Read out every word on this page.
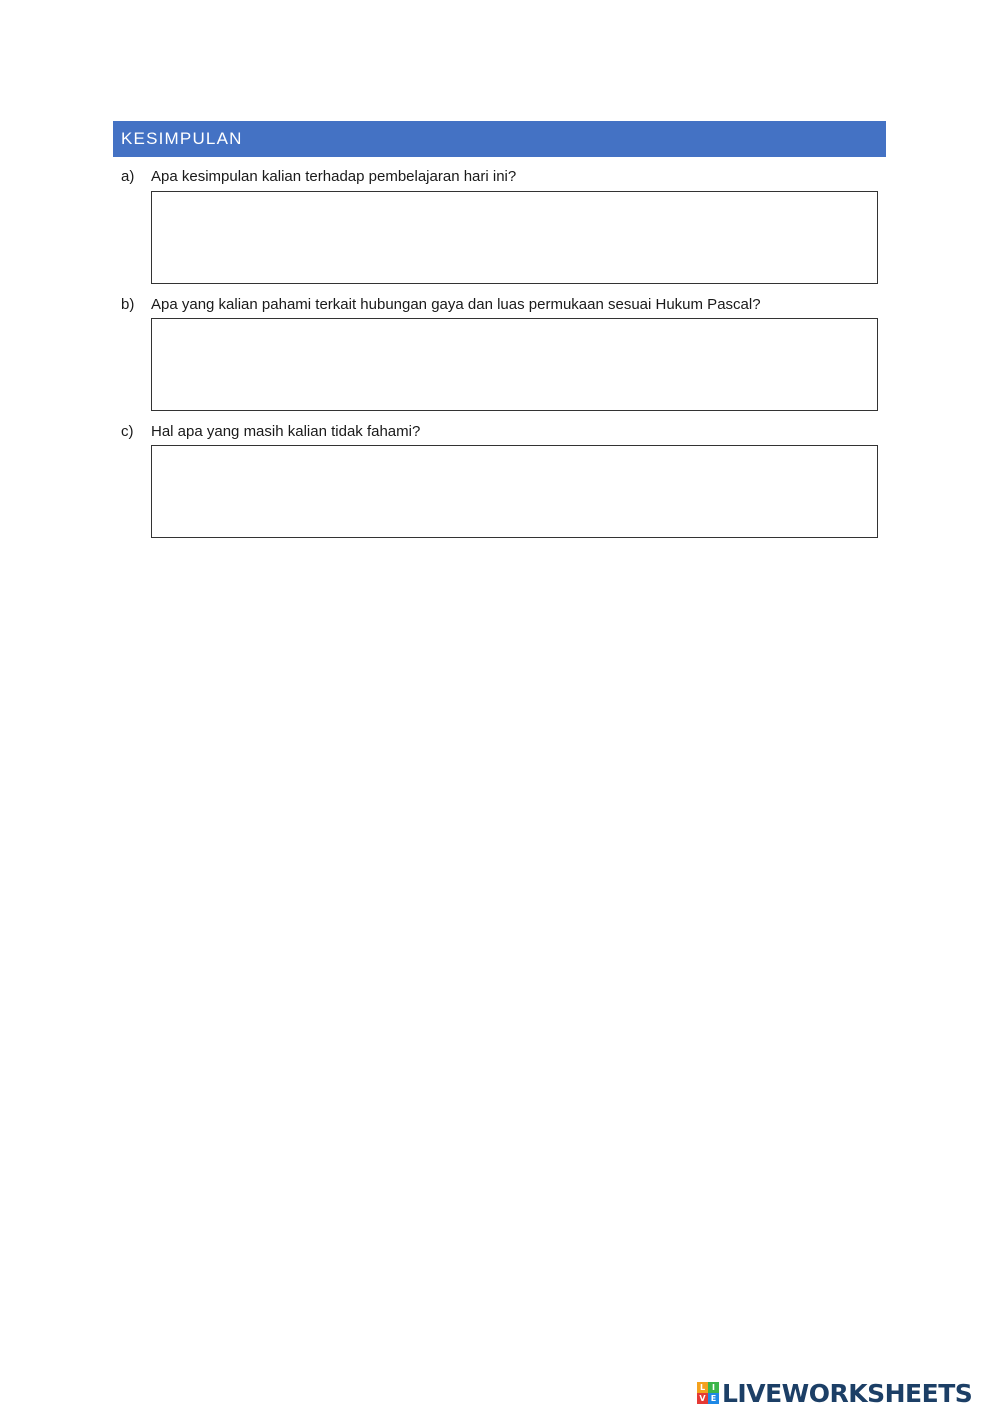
KESIMPULAN
a) Apa kesimpulan kalian terhadap pembelajaran hari ini?
b) Apa yang kalian pahami terkait hubungan gaya dan luas permukaan sesuai Hukum Pascal?
c) Hal apa yang masih kalian tidak fahami?
L I
V E LIVEWORKSHEETS
